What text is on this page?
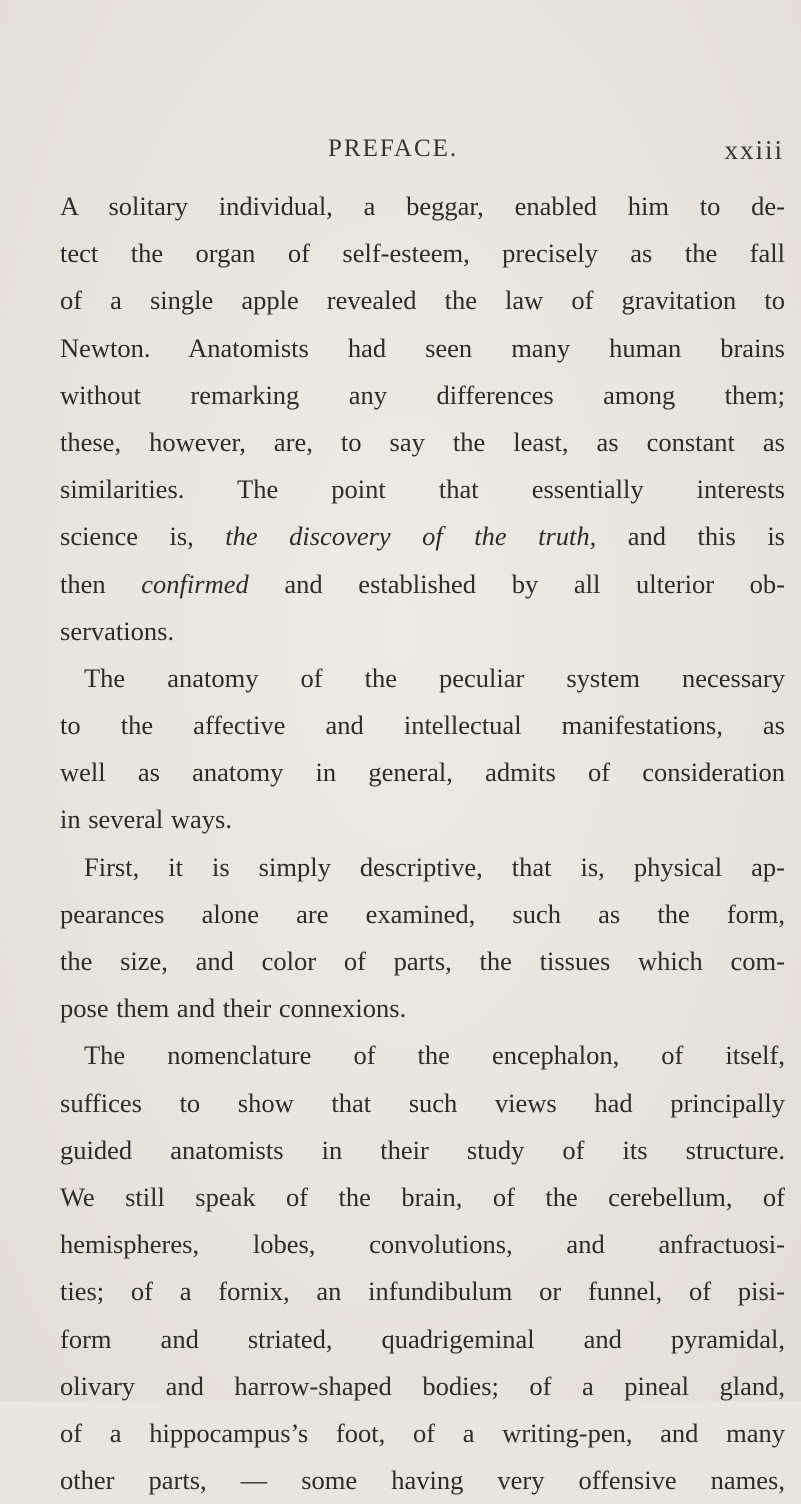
PREFACE.	xxiii
A solitary individual, a beggar, enabled him to de-
tect the organ of self-esteem, precisely as the fall
of a single apple revealed the law of gravitation to
Newton. Anatomists had seen many human brains
without remarking any differences among them;
these, however, are, to say the least, as constant as
similarities. The point that essentially interests
science is, the discovery of the truth, and this is
then confirmed and established by all ulterior ob-
servations.
The anatomy of the peculiar system necessary
to the affective and intellectual manifestations, as
well as anatomy in general, admits of consideration
in several ways.
First, it is simply descriptive, that is, physical ap-
pearances alone are examined, such as the form,
the size, and color of parts, the tissues which com-
pose them and their connexions.
The nomenclature of the encephalon, of itself,
suffices to show that such views had principally
guided anatomists in their study of its structure.
We still speak of the brain, of the cerebellum, of
hemispheres, lobes, convolutions, and anfractuosi-
ties; of a fornix, an infundibulum or funnel, of pisi-
form and striated, quadrigeminal and pyramidal,
olivary and harrow-shaped bodies; of a pineal gland,
of a hippocampus’s foot, of a writing-pen, and many
other parts, — some having very offensive names,
